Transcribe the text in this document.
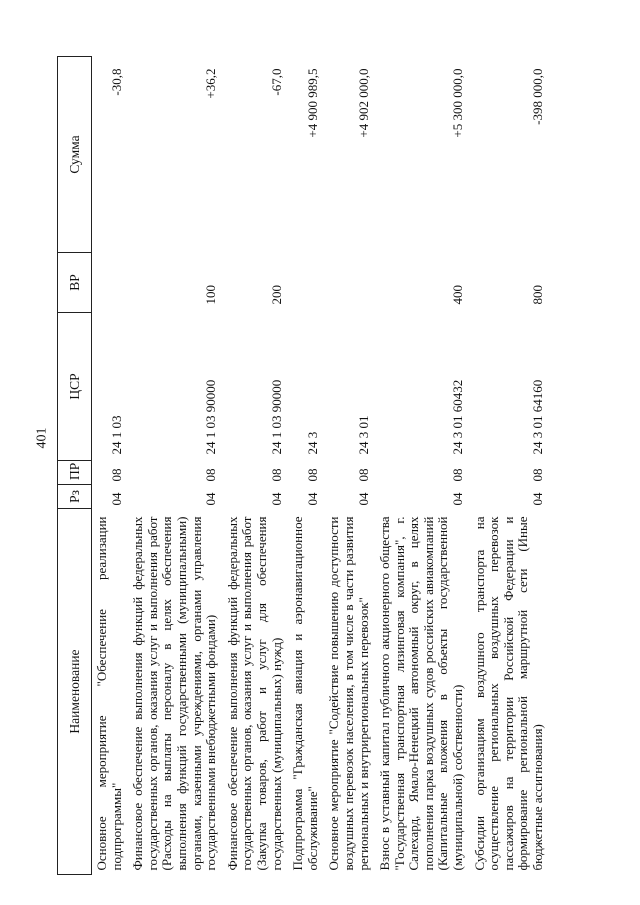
401
Наименование	Рз	ПР	ЦСР	ВР	Сумма
Основное мероприятие "Обеспечение реализации подпрограммы"	04	08	24 1 03		-30,8
Финансовое обеспечение выполнения функций федеральных государственных органов, оказания услуг и выполнения работ (Расходы на выплаты персоналу в целях обеспечения выполнения функций государственными (муниципальными) органами, казенными учреждениями, органами управления государственными внебюджетными фондами)	04	08	24 1 03 90000	100	+36,2
Финансовое обеспечение выполнения функций федеральных государственных органов, оказания услуг и выполнения работ (Закупка товаров, работ и услуг для обеспечения государственных (муниципальных) нужд)	04	08	24 1 03 90000	200	-67,0
Подпрограмма "Гражданская авиация и аэронавигационное обслуживание"	04	08	24 3		+4 900 989,5
Основное мероприятие "Содействие повышению доступности воздушных перевозок населения, в том числе в части развития региональных и внутрирегиональных перевозок"	04	08	24 3 01		+4 902 000,0
Взнос в уставный капитал публичного акционерного общества "Государственная транспортная лизинговая компания", г. Салехард, Ямало-Ненецкий автономный округ, в целях пополнения парка воздушных судов российских авиакомпаний (Капитальные вложения в объекты государственной (муниципальной) собственности)	04	08	24 3 01 60432	400	+5 300 000,0
Субсидии организациям воздушного транспорта на осуществление региональных воздушных перевозок пассажиров на территории Российской Федерации и формирование региональной маршрутной сети (Иные бюджетные ассигнования)	04	08	24 3 01 64160	800	-398 000,0
